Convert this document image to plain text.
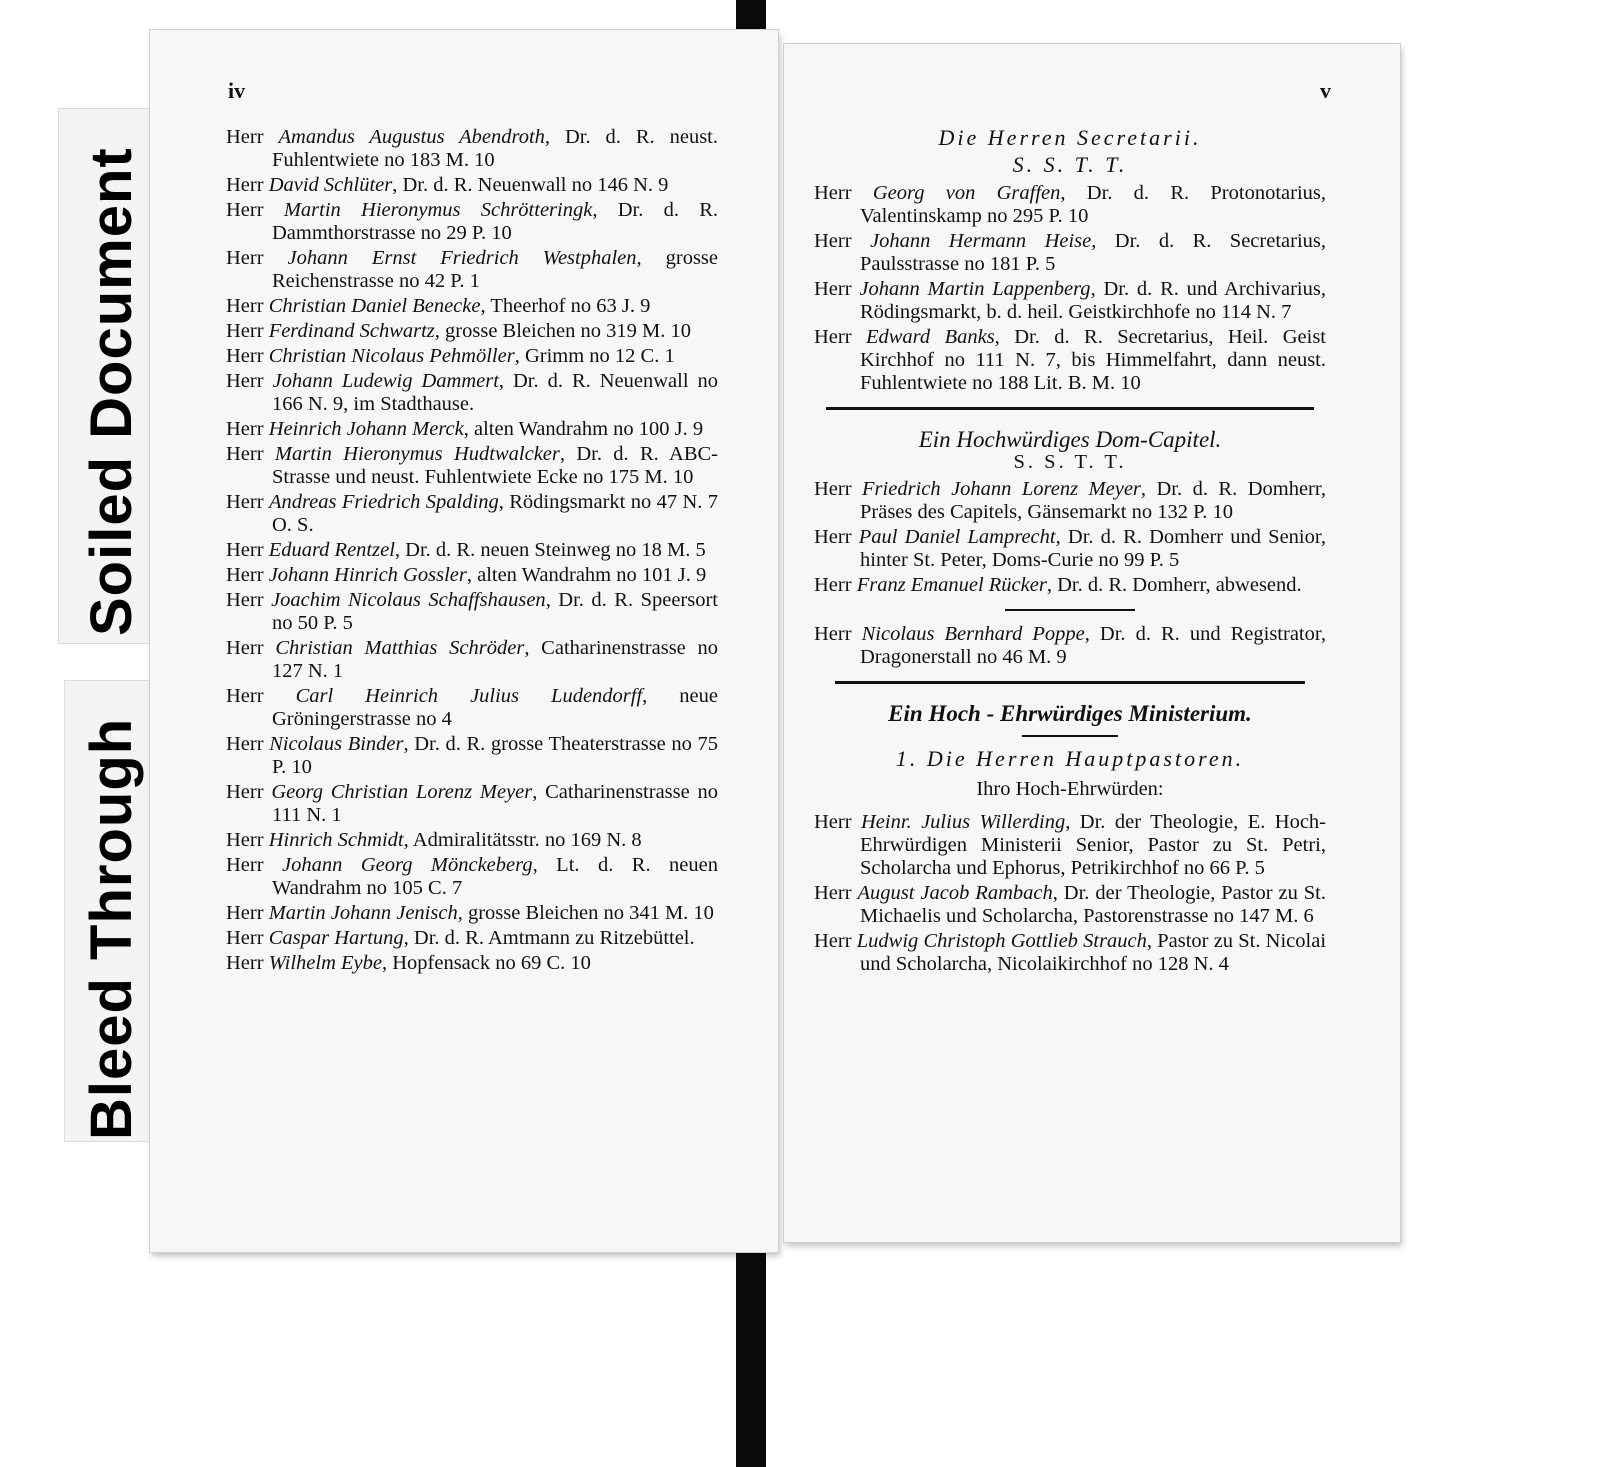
Soiled Document
Bleed Through
iv
Herr Amandus Augustus Abendroth, Dr. d. R. neust. Fuhlentwiete no 183 M. 10
Herr David Schlüter, Dr. d. R. Neuenwall no 146 N. 9
Herr Martin Hieronymus Schrötteringk, Dr. d. R. Dammthorstrasse no 29 P. 10
Herr Johann Ernst Friedrich Westphalen, grosse Reichenstrasse no 42 P. 1
Herr Christian Daniel Benecke, Theerhof no 63 J. 9
Herr Ferdinand Schwartz, grosse Bleichen no 319 M. 10
Herr Christian Nicolaus Pehmöller, Grimm no 12 C. 1
Herr Johann Ludewig Dammert, Dr. d. R. Neuenwall no 166 N. 9, im Stadthause.
Herr Heinrich Johann Merck, alten Wandrahm no 100 J. 9
Herr Martin Hieronymus Hudtwalcker, Dr. d. R. ABC-Strasse und neust. Fuhlentwiete Ecke no 175 M. 10
Herr Andreas Friedrich Spalding, Rödingsmarkt no 47 N. 7 O. S.
Herr Eduard Rentzel, Dr. d. R. neuen Steinweg no 18 M. 5
Herr Johann Hinrich Gossler, alten Wandrahm no 101 J. 9
Herr Joachim Nicolaus Schaffshausen, Dr. d. R. Speersort no 50 P. 5
Herr Christian Matthias Schröder, Catharinenstrasse no 127 N. 1
Herr Carl Heinrich Julius Ludendorff, neue Gröningerstrasse no 4
Herr Nicolaus Binder, Dr. d. R. grosse Theaterstrasse no 75 P. 10
Herr Georg Christian Lorenz Meyer, Catharinenstrasse no 111 N. 1
Herr Hinrich Schmidt, Admiralitätsstr. no 169 N. 8
Herr Johann Georg Mönckeberg, Lt. d. R. neuen Wandrahm no 105 C. 7
Herr Martin Johann Jenisch, grosse Bleichen no 341 M. 10
Herr Caspar Hartung, Dr. d. R. Amtmann zu Ritzebüttel.
Herr Wilhelm Eybe, Hopfensack no 69 C. 10
v
Die Herren Secretarii.
S. S. T. T.
Herr Georg von Graffen, Dr. d. R. Protonotarius, Valentinskamp no 295 P. 10
Herr Johann Hermann Heise, Dr. d. R. Secretarius, Paulsstrasse no 181 P. 5
Herr Johann Martin Lappenberg, Dr. d. R. und Archivarius, Rödingsmarkt, b. d. heil. Geistkirchhofe no 114 N. 7
Herr Edward Banks, Dr. d. R. Secretarius, Heil. Geist Kirchhof no 111 N. 7, bis Himmelfahrt, dann neust. Fuhlentwiete no 188 Lit. B. M. 10
Ein Hochwürdiges Dom-Capitel.
S. S. T. T.
Herr Friedrich Johann Lorenz Meyer, Dr. d. R. Domherr, Präses des Capitels, Gänsemarkt no 132 P. 10
Herr Paul Daniel Lamprecht, Dr. d. R. Domherr und Senior, hinter St. Peter, Doms-Curie no 99 P. 5
Herr Franz Emanuel Rücker, Dr. d. R. Domherr, abwesend.
Herr Nicolaus Bernhard Poppe, Dr. d. R. und Registrator, Dragonerstall no 46 M. 9
Ein Hoch - Ehrwürdiges Ministerium.
1. Die Herren Hauptpastoren.
Ihro Hoch-Ehrwürden:
Herr Heinr. Julius Willerding, Dr. der Theologie, E. Hoch-Ehrwürdigen Ministerii Senior, Pastor zu St. Petri, Scholarcha und Ephorus, Petrikirchhof no 66 P. 5
Herr August Jacob Rambach, Dr. der Theologie, Pastor zu St. Michaelis und Scholarcha, Pastorenstrasse no 147 M. 6
Herr Ludwig Christoph Gottlieb Strauch, Pastor zu St. Nicolai und Scholarcha, Nicolaikirchhof no 128 N. 4
